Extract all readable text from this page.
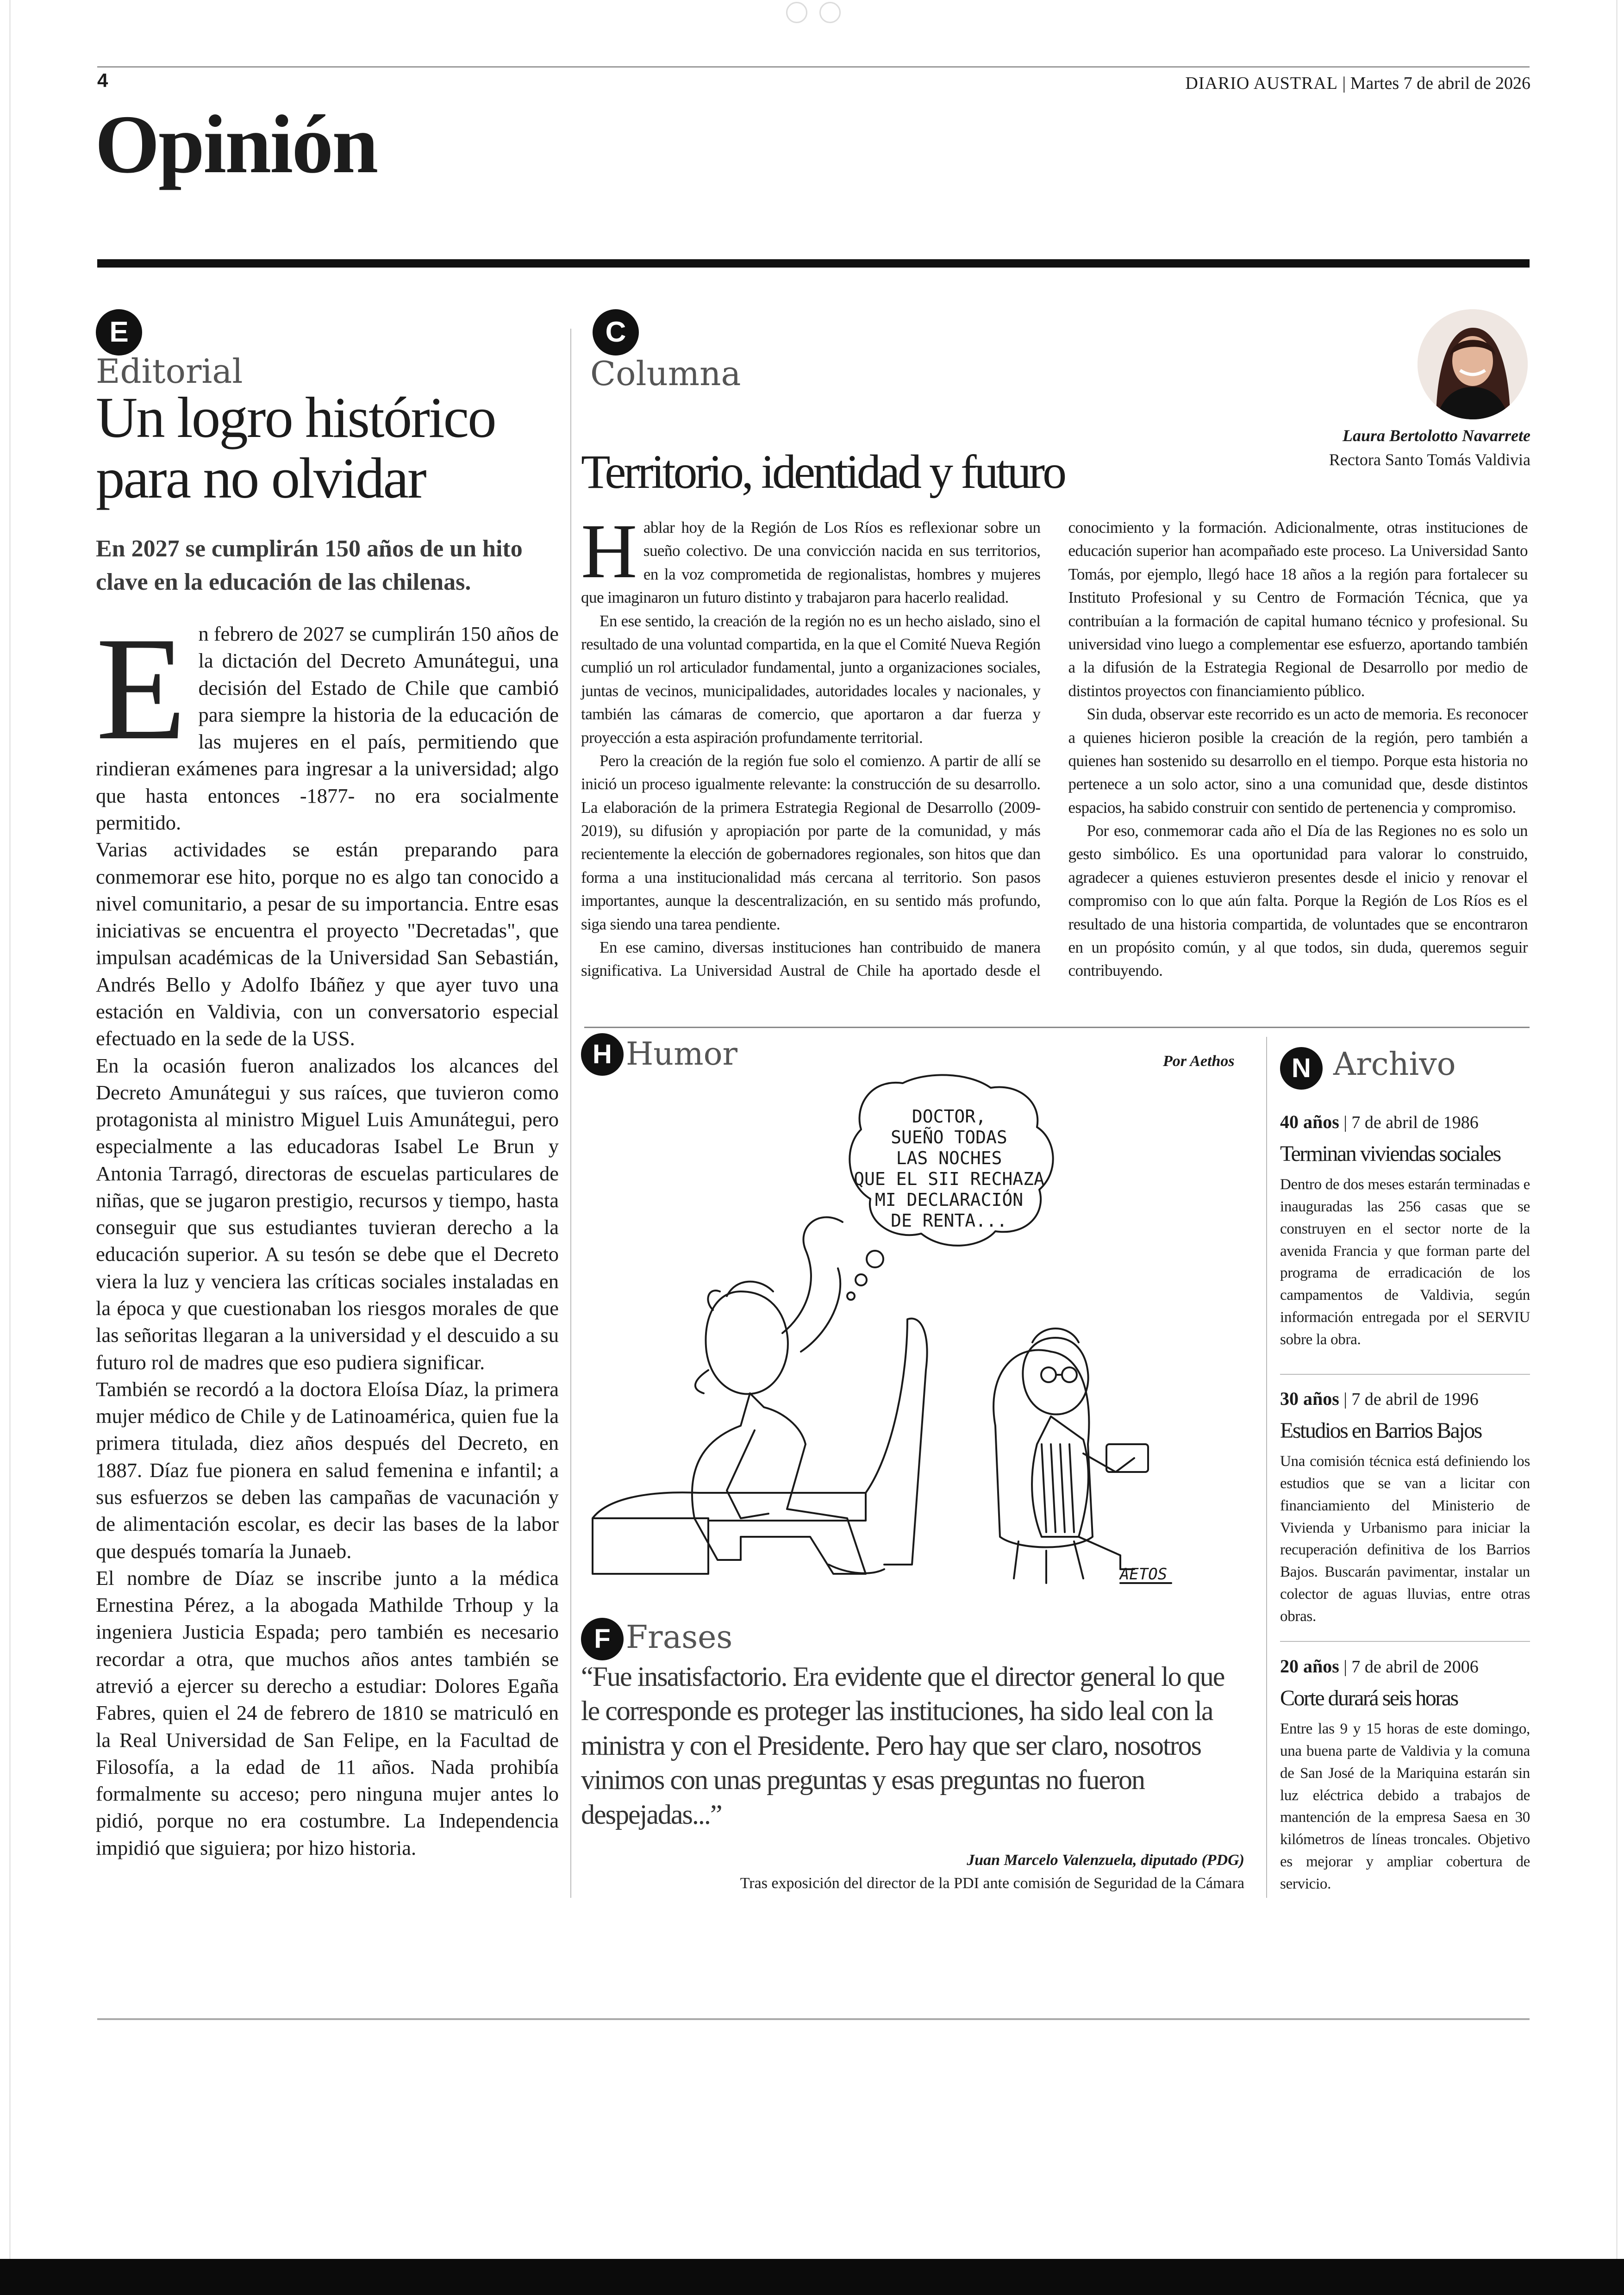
4	DIARIO AUSTRAL | Martes 7 de abril de 2026
Opinión
E
Editorial
Un logro histórico para no olvidar
En 2027 se cumplirán 150 años de un hito clave en la educación de las chilenas.
E n febrero de 2027 se cumplirán 150 años de la dictación del Decreto Amunátegui, una decisión del Estado de Chile que cambió para siempre la historia de la educación de las mujeres en el país, permitiendo que rindieran exámenes para ingresar a la universidad; algo que hasta entonces -1877- no era socialmente permitido.

Varias actividades se están preparando para conmemorar ese hito, porque no es algo tan conocido a nivel comunitario, a pesar de su importancia. Entre esas iniciativas se encuentra el proyecto "Decretadas", que impulsan académicas de la Universidad San Sebastián, Andrés Bello y Adolfo Ibáñez y que ayer tuvo una estación en Valdivia, con un conversatorio especial efectuado en la sede de la USS.

En la ocasión fueron analizados los alcances del Decreto Amunátegui y sus raíces, que tuvieron como protagonista al ministro Miguel Luis Amunátegui, pero especialmente a las educadoras Isabel Le Brun y Antonia Tarragó, directoras de escuelas particulares de niñas, que se jugaron prestigio, recursos y tiempo, hasta conseguir que sus estudiantes tuvieran derecho a la educación superior. A su tesón se debe que el Decreto viera la luz y venciera las críticas sociales instaladas en la época y que cuestionaban los riesgos morales de que las señoritas llegaran a la universidad y el descuido a su futuro rol de madres que eso pudiera significar.

También se recordó a la doctora Eloísa Díaz, la primera mujer médico de Chile y de Latinoamérica, quien fue la primera titulada, diez años después del Decreto, en 1887. Díaz fue pionera en salud femenina e infantil; a sus esfuerzos se deben las campañas de vacunación y de alimentación escolar, es decir las bases de la labor que después tomaría la Junaeb.

El nombre de Díaz se inscribe junto a la médica Ernestina Pérez, a la abogada Mathilde Trhoup y la ingeniera Justicia Espada; pero también es necesario recordar a otra, que muchos años antes también se atrevió a ejercer su derecho a estudiar: Dolores Egaña Fabres, quien el 24 de febrero de 1810 se matriculó en la Real Universidad de San Felipe, en la Facultad de Filosofía, a la edad de 11 años. Nada prohibía formalmente su acceso; pero ninguna mujer antes lo pidió, porque no era costumbre. La Independencia impidió que siguiera; por hizo historia.

C
Columna
Territorio, identidad y futuro
Laura Bertolotto Navarrete
Rectora Santo Tomás Valdivia

Hablar hoy de la Región de Los Ríos es reflexionar sobre un sueño colectivo. De una convicción nacida en sus territorios, en la voz comprometida de regionalistas, hombres y mujeres que imaginaron un futuro distinto y trabajaron para hacerlo realidad.

En ese sentido, la creación de la región no es un hecho aislado, sino el resultado de una voluntad compartida, en la que el Comité Nueva Región cumplió un rol articulador fundamental, junto a organizaciones sociales, juntas de vecinos, municipalidades, autoridades locales y nacionales, y también las cámaras de comercio, que aportaron a dar fuerza y proyección a esta aspiración profundamente territorial.

Pero la creación de la región fue solo el comienzo. A partir de allí se inició un proceso igualmente relevante: la construcción de su desarrollo. La elaboración de la primera Estrategia Regional de Desarrollo (2009-2019), su difusión y apropiación por parte de la comunidad, y más recientemente la elección de gobernadores regionales, son hitos que dan forma a una institucionalidad más cercana al territorio. Son pasos importantes, aunque la descentralización, en su sentido más profundo, siga siendo una tarea pendiente.

En ese camino, diversas instituciones han contribuido de manera significativa. La Universidad Austral de Chile ha aportado desde el conocimiento y la formación. Adicionalmente, otras instituciones de educación superior han acompañado este proceso. La Universidad Santo Tomás, por ejemplo, llegó hace 18 años a la región para fortalecer su Instituto Profesional y su Centro de Formación Técnica, que ya contribuían a la formación de capital humano técnico y profesional. Su universidad vino luego a complementar ese esfuerzo, aportando también a la difusión de la Estrategia Regional de Desarrollo por medio de distintos proyectos con financiamiento público.

Sin duda, observar este recorrido es un acto de memoria. Es reconocer a quienes hicieron posible la creación de la región, pero también a quienes han sostenido su desarrollo en el tiempo. Porque esta historia no pertenece a un solo actor, sino a una comunidad que, desde distintos espacios, ha sabido construir con sentido de pertenencia y compromiso.

Por eso, conmemorar cada año el Día de las Regiones no es solo un gesto simbólico. Es una oportunidad para valorar lo construido, agradecer a quienes estuvieron presentes desde el inicio y renovar el compromiso con lo que aún falta. Porque la Región de Los Ríos es el resultado de una historia compartida, de voluntades que se encontraron en un propósito común, y al que todos, sin duda, queremos seguir contribuyendo.

H Humor	Por Aethos
DOCTOR,
SUEÑO TODAS
LAS NOCHES
QUE EL SII RECHAZA
MI DECLARACIÓN
DE RENTA...
AETOS
F Frases
“Fue insatisfactorio. Era evidente que el director general lo que le corresponde es proteger las instituciones, ha sido leal con la ministra y con el Presidente. Pero hay que ser claro, nosotros vinimos con unas preguntas y esas preguntas no fueron despejadas...”
Juan Marcelo Valenzuela, diputado (PDG)
Tras exposición del director de la PDI ante comisión de Seguridad de la Cámara
N Archivo
40 años | 7 de abril de 1986
Terminan viviendas sociales
Dentro de dos meses estarán terminadas e inauguradas las 256 casas que se construyen en el sector norte de la avenida Francia y que forman parte del programa de erradicación de los campamentos de Valdivia, según información entregada por el SERVIU sobre la obra.
30 años | 7 de abril de 1996
Estudios en Barrios Bajos
Una comisión técnica está definiendo los estudios que se van a licitar con financiamiento del Ministerio de Vivienda y Urbanismo para iniciar la recuperación definitiva de los Barrios Bajos. Buscarán pavimentar, instalar un colector de aguas lluvias, entre otras obras.
20 años | 7 de abril de 2006
Corte durará seis horas
Entre las 9 y 15 horas de este domingo, una buena parte de Valdivia y la comuna de San José de la Mariquina estarán sin luz eléctrica debido a trabajos de mantención de la empresa Saesa en 30 kilómetros de líneas troncales. Objetivo es mejorar y ampliar cobertura de servicio.
